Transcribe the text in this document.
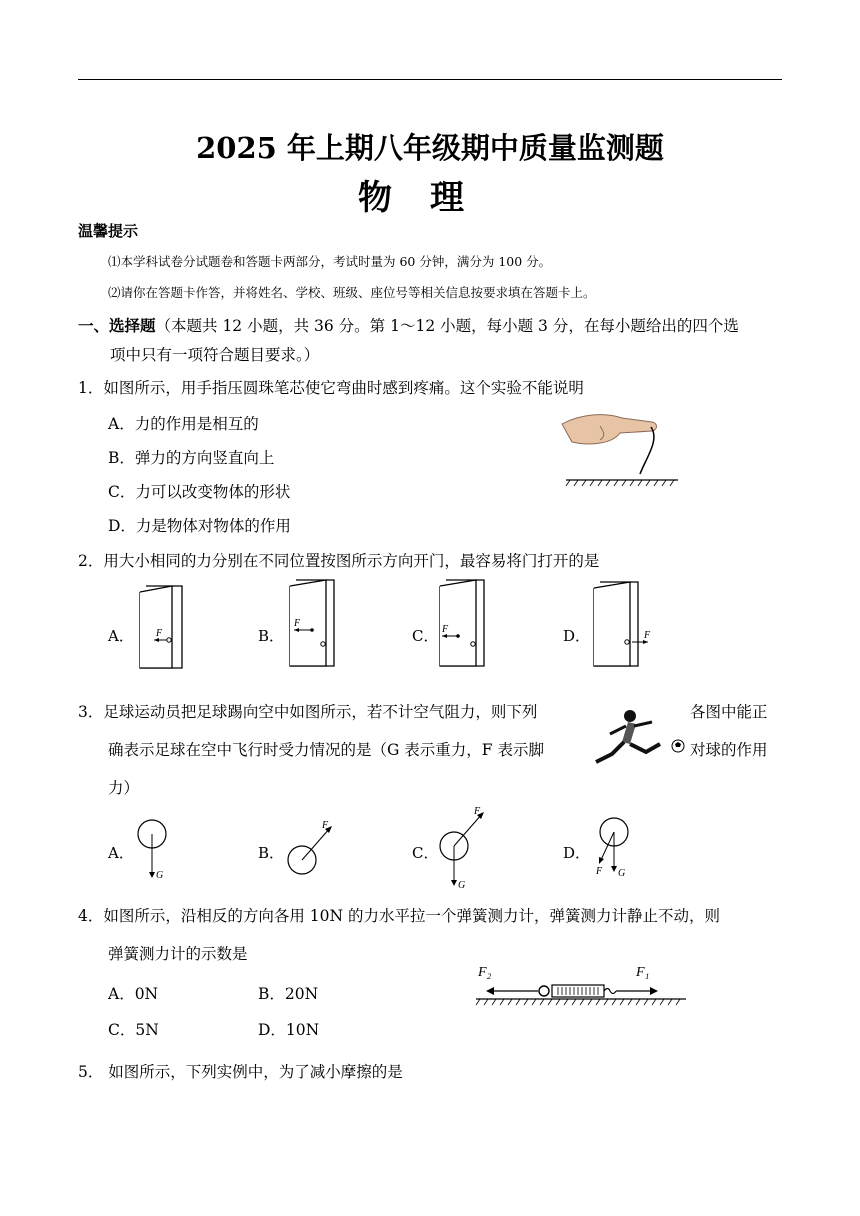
2025 年上期八年级期中质量监测题
物理
温馨提示
⑴本学科试卷分试题卷和答题卡两部分，考试时量为 60 分钟，满分为 100 分。
⑵请你在答题卡作答，并将姓名、学校、班级、座位号等相关信息按要求填在答题卡上。
一、选择题（本题共 12 小题，共 36 分。第 1～12 小题，每小题 3 分，在每小题给出的四个选
项中只有一项符合题目要求。）
1．如图所示，用手指压圆珠笔芯使它弯曲时感到疼痛。这个实验不能说明
A．力的作用是相互的
B．弹力的方向竖直向上
C．力可以改变物体的形状
D．力是物体对物体的作用
2．用大小相同的力分别在不同位置按图所示方向开门，最容易将门打开的是
A．	B．	C．	D．
F
F
F
F
3．足球运动员把足球踢向空中如图所示，若不计空气阻力，则下列	各图中能正
确表示足球在空中飞行时受力情况的是（G 表示重力，F 表示脚	对球的作用
力）
A．	B．	C．	D．
G
F
F
G
G
F
4．如图所示，沿相反的方向各用 10N 的力水平拉一个弹簧测力计，弹簧测力计静止不动，则
弹簧测力计的示数是
A．0N	B．20N
C．5N	D．10N
F₂	F₁
5． 如图所示，下列实例中，为了减小摩擦的是
